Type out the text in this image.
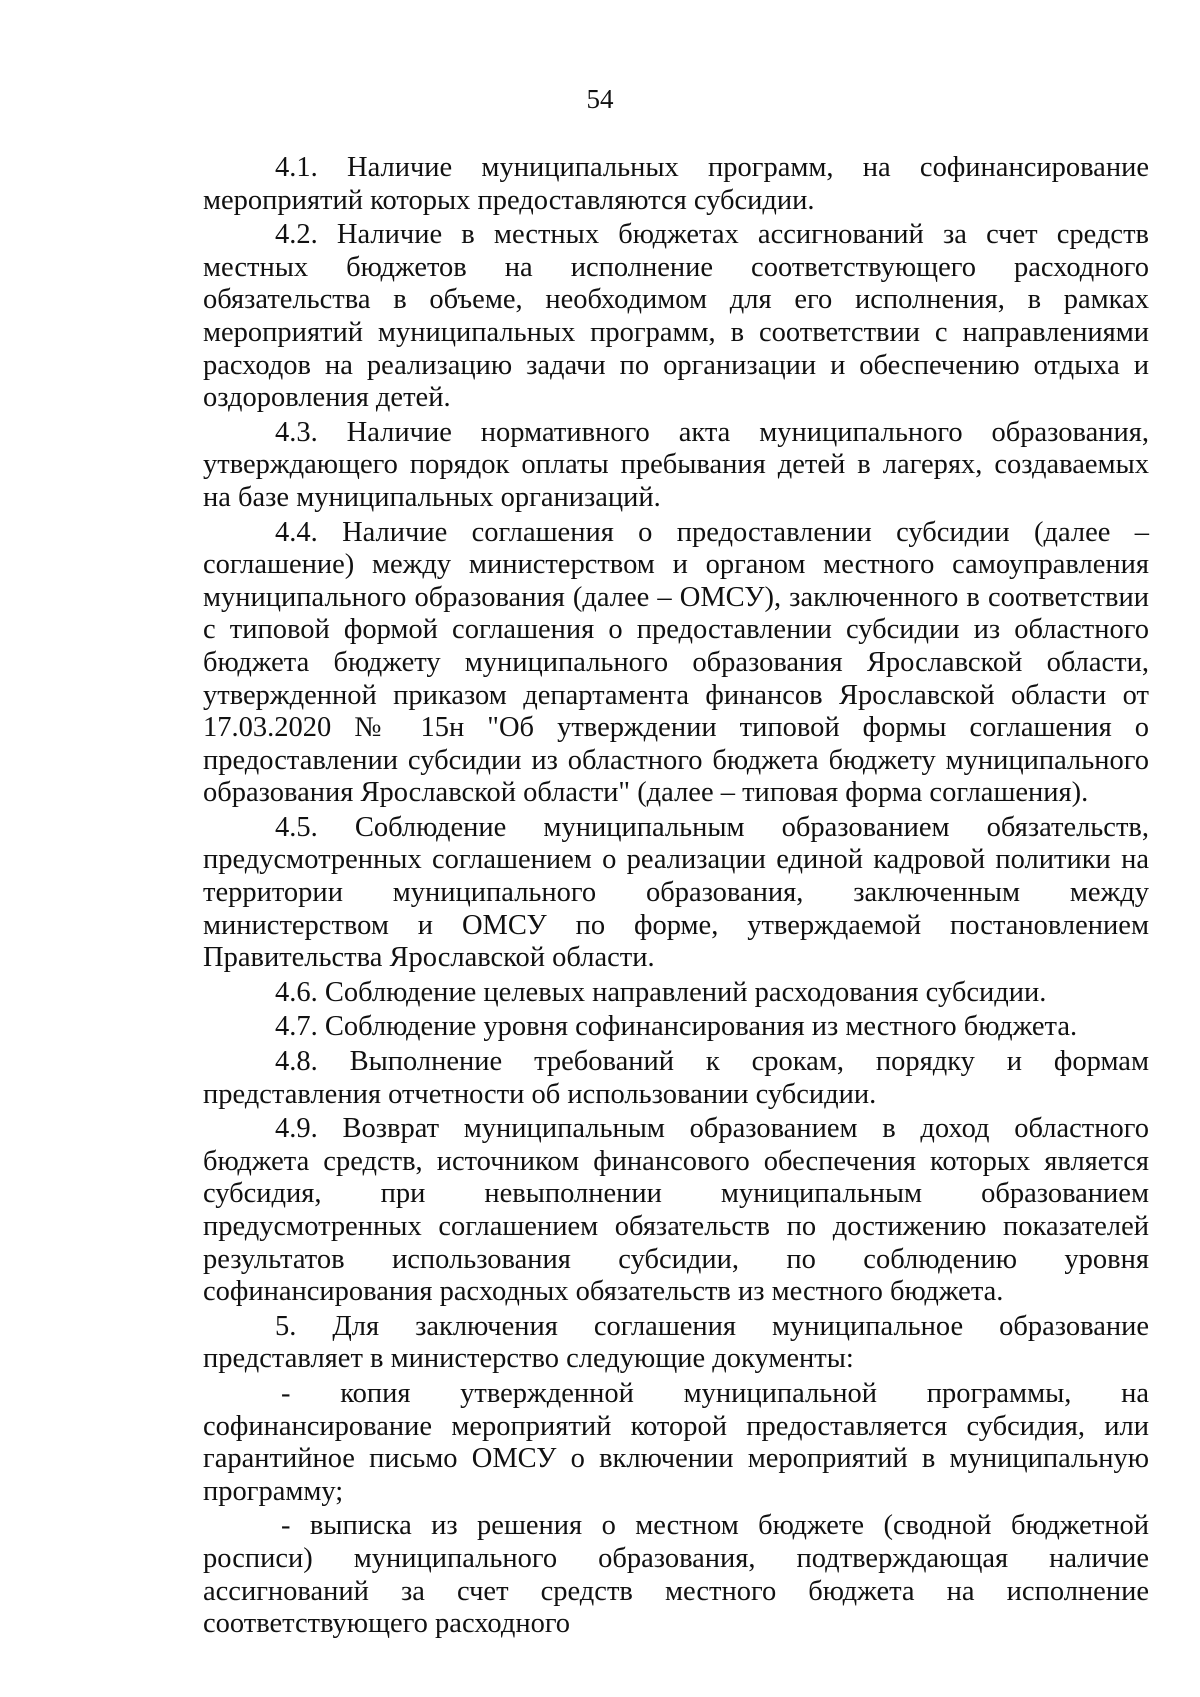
54

4.1. Наличие муниципальных программ, на софинансирование мероприятий которых предоставляются субсидии.

4.2. Наличие в местных бюджетах ассигнований за счет средств местных бюджетов на исполнение соответствующего расходного обязательства в объеме, необходимом для его исполнения, в рамках мероприятий муниципальных программ, в соответствии с направлениями расходов на реализацию задачи по организации и обеспечению отдыха и оздоровления детей.

4.3. Наличие нормативного акта муниципального образования, утверждающего порядок оплаты пребывания детей в лагерях, создаваемых на базе муниципальных организаций.

4.4. Наличие соглашения о предоставлении субсидии (далее – соглашение) между министерством и органом местного самоуправления муниципального образования (далее – ОМСУ), заключенного в соответствии с типовой формой соглашения о предоставлении субсидии из областного бюджета бюджету муниципального образования Ярославской области, утвержденной приказом департамента финансов Ярославской области от 17.03.2020 № 15н "Об утверждении типовой формы соглашения о предоставлении субсидии из областного бюджета бюджету муниципального образования Ярославской области" (далее – типовая форма соглашения).

4.5. Соблюдение муниципальным образованием обязательств, предусмотренных соглашением о реализации единой кадровой политики на территории муниципального образования, заключенным между министерством и ОМСУ по форме, утверждаемой постановлением Правительства Ярославской области.

4.6. Соблюдение целевых направлений расходования субсидии.

4.7. Соблюдение уровня софинансирования из местного бюджета.

4.8. Выполнение требований к срокам, порядку и формам представления отчетности об использовании субсидии.

4.9. Возврат муниципальным образованием в доход областного бюджета средств, источником финансового обеспечения которых является субсидия, при невыполнении муниципальным образованием предусмотренных соглашением обязательств по достижению показателей результатов использования субсидии, по соблюдению уровня софинансирования расходных обязательств из местного бюджета.

5. Для заключения соглашения муниципальное образование представляет в министерство следующие документы:

- копия утвержденной муниципальной программы, на софинансирование мероприятий которой предоставляется субсидия, или гарантийное письмо ОМСУ о включении мероприятий в муниципальную программу;

- выписка из решения о местном бюджете (сводной бюджетной росписи) муниципального образования, подтверждающая наличие ассигнований за счет средств местного бюджета на исполнение соответствующего расходного
